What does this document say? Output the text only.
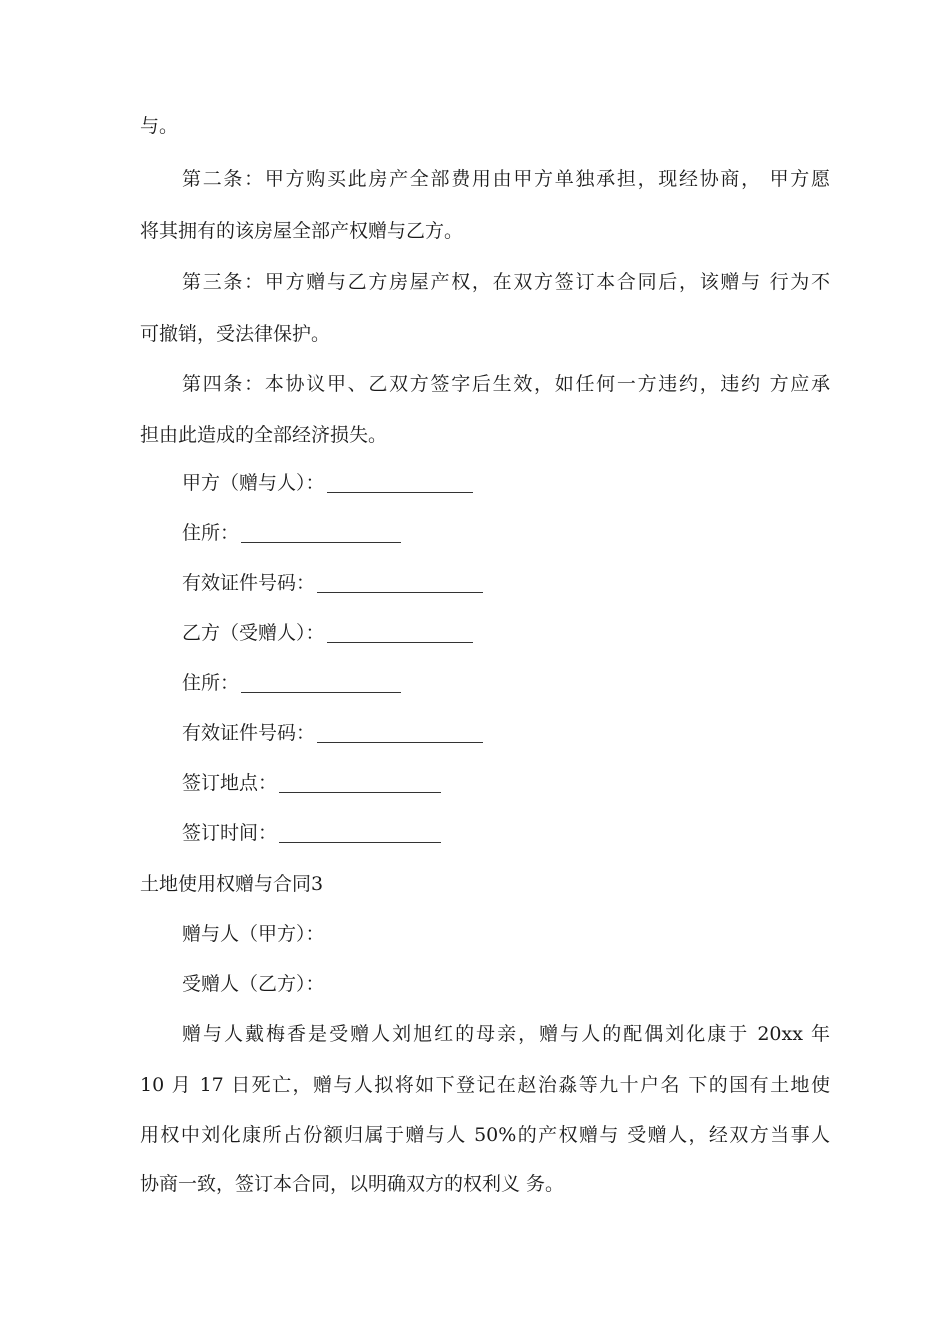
与。
第二条：甲方购买此房产全部费用由甲方单独承担，现经协商， 甲方愿
将其拥有的该房屋全部产权赠与乙方。
第三条：甲方赠与乙方房屋产权，在双方签订本合同后，该赠与 行为不
可撤销，受法律保护。
第四条：本协议甲、乙双方签字后生效，如任何一方违约，违约 方应承
担由此造成的全部经济损失。
甲方（赠与人）：
住所：
有效证件号码：
乙方（受赠人）：
住所：
有效证件号码：
签订地点：
签订时间：
土地使用权赠与合同3
赠与人（甲方）：
受赠人（乙方）：
赠与人戴梅香是受赠人刘旭红的母亲，赠与人的配偶刘化康于 20xx 年
10 月 17 日死亡，赠与人拟将如下登记在赵治淼等九十户名 下的国有土地使
用权中刘化康所占份额归属于赠与人 50%的产权赠与 受赠人，经双方当事人
协商一致，签订本合同，以明确双方的权利义 务。
